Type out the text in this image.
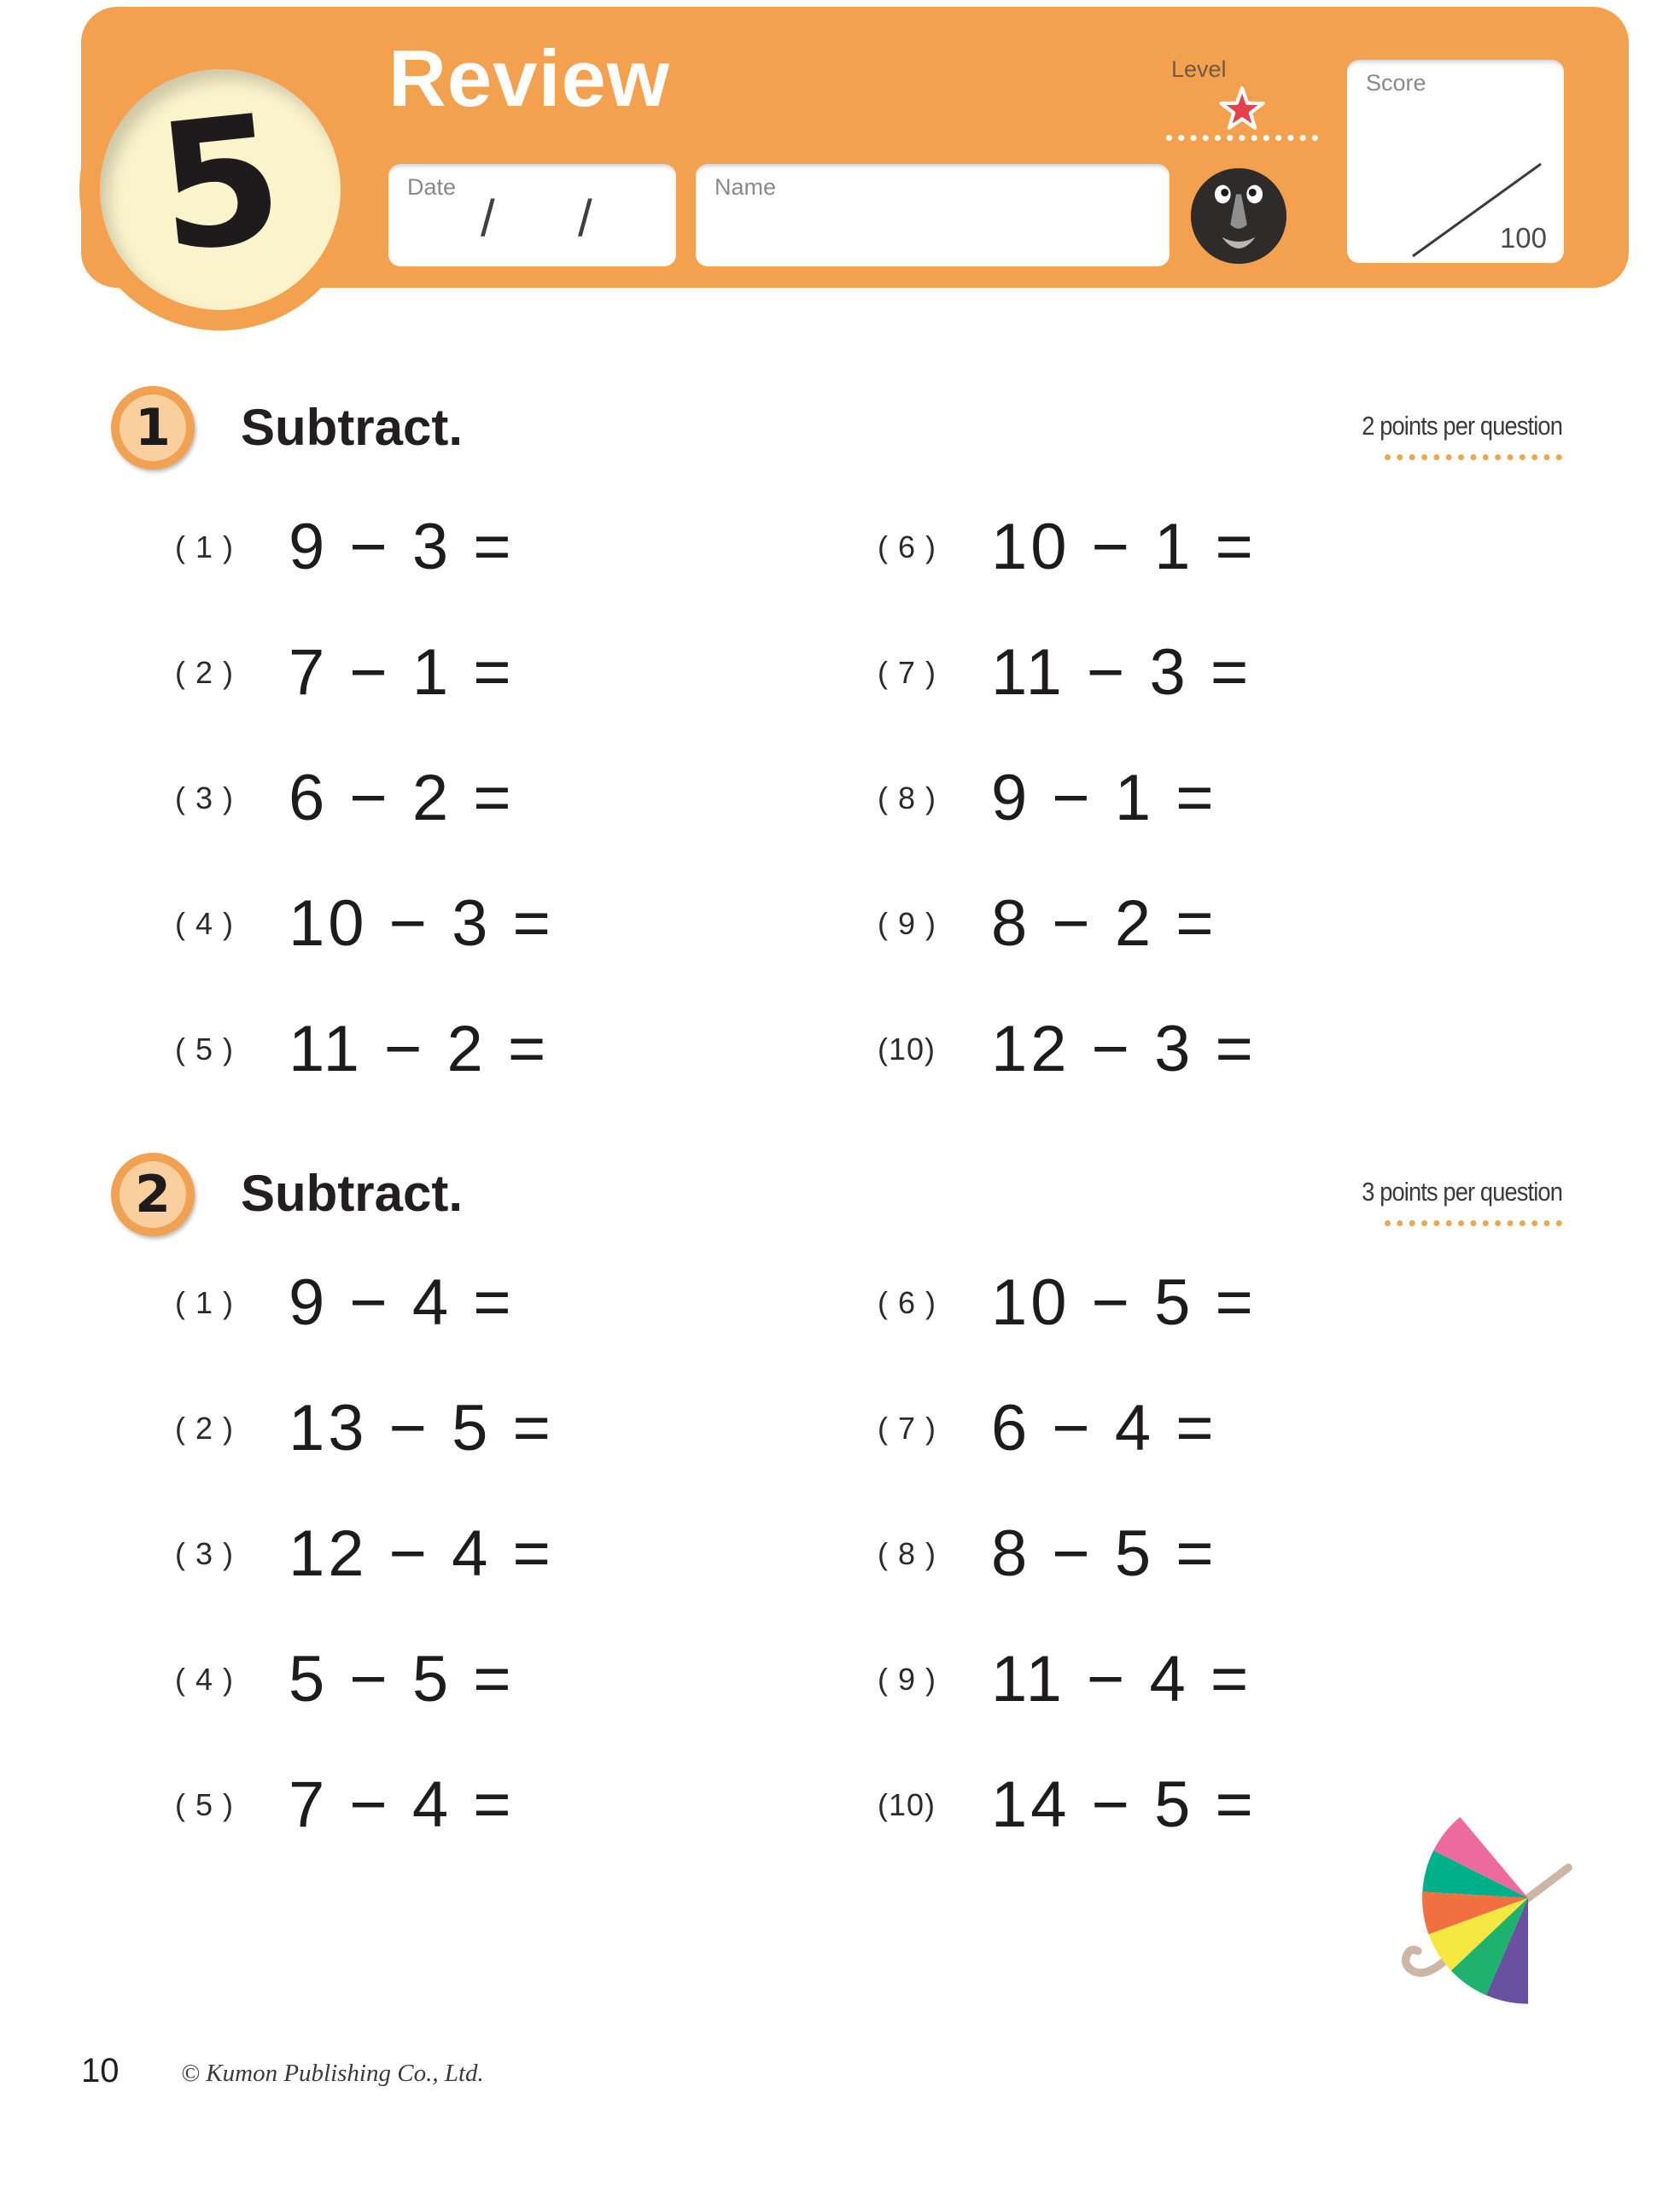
5 Review
Date
/ /
Name
Level
Score
100
1 Subtract.	2 points per question
( 1 ) 9 − 3 =
( 2 ) 7 − 1 =
( 3 ) 6 − 2 =
( 4 ) 10 − 3 =
( 5 ) 11 − 2 =
( 6 ) 10 − 1 =
( 7 ) 11 − 3 =
( 8 ) 9 − 1 =
( 9 ) 8 − 2 =
(10) 12 − 3 =
2 Subtract.	3 points per question
( 1 ) 9 − 4 =
( 2 ) 13 − 5 =
( 3 ) 12 − 4 =
( 4 ) 5 − 5 =
( 5 ) 7 − 4 =
( 6 ) 10 − 5 =
( 7 ) 6 − 4 =
( 8 ) 8 − 5 =
( 9 ) 11 − 4 =
(10) 14 − 5 =
10	© Kumon Publishing Co., Ltd.
